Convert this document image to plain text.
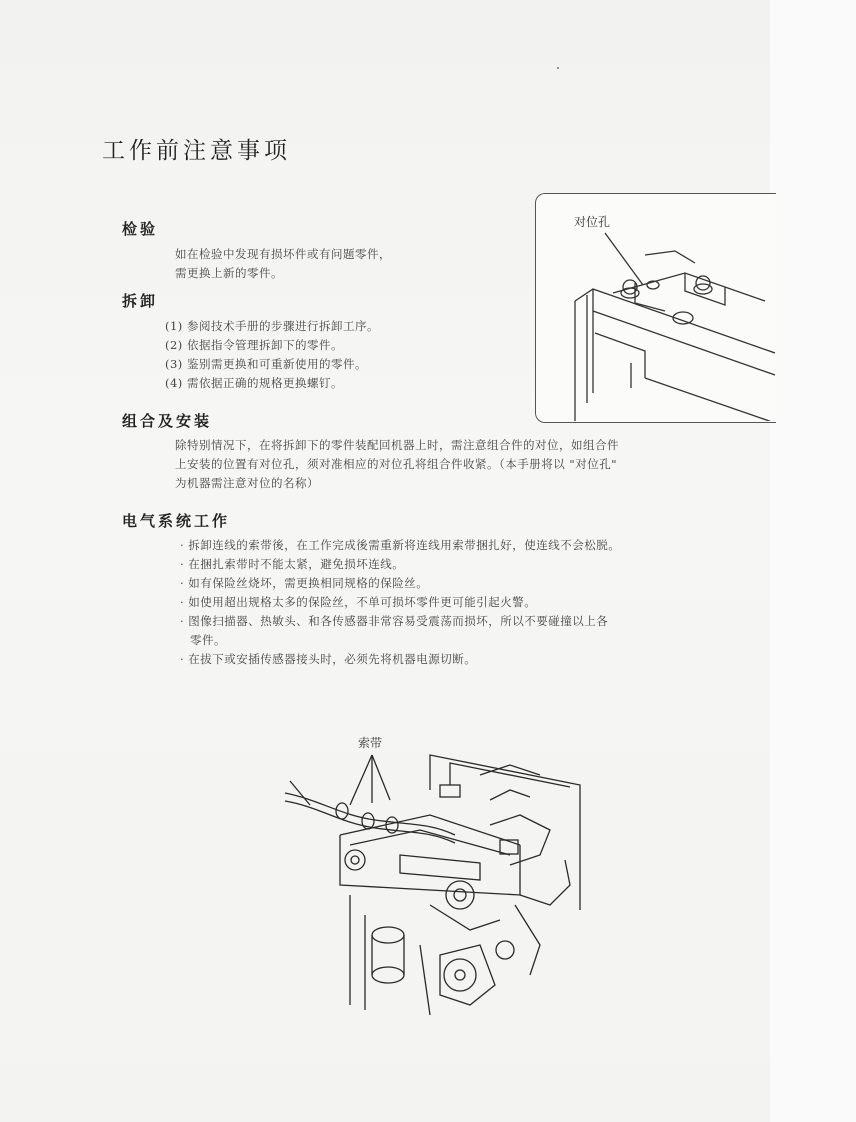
工作前注意事项
检验

如在检验中发现有损坏件或有问题零件，
需更换上新的零件。

拆卸
(1) 参阅技术手册的步骤进行拆卸工序。
(2) 依据指令管理拆卸下的零件。
(3) 鉴别需更换和可重新使用的零件。
(4) 需依据正确的规格更换螺钉。
对位孔
组合及安装

除特别情况下，在将拆卸下的零件装配回机器上时，需注意组合件的对位，如组合件
上安装的位置有对位孔，须对准相应的对位孔将组合件收紧。（本手册将以 "对位孔"
为机器需注意对位的名称）

电气系统工作
· 拆卸连线的索带後，在工作完成後需重新将连线用索带捆扎好，使连线不会松脱。
· 在捆扎索带时不能太紧，避免损坏连线。
· 如有保险丝烧坏，需更换相同规格的保险丝。
· 如使用超出规格太多的保险丝，不单可损坏零件更可能引起火警。
· 图像扫描器、热敏头、和各传感器非常容易受震荡而损坏，所以不要碰撞以上各
零件。
· 在拔下或安插传感器接头时，必须先将机器电源切断。
索带
